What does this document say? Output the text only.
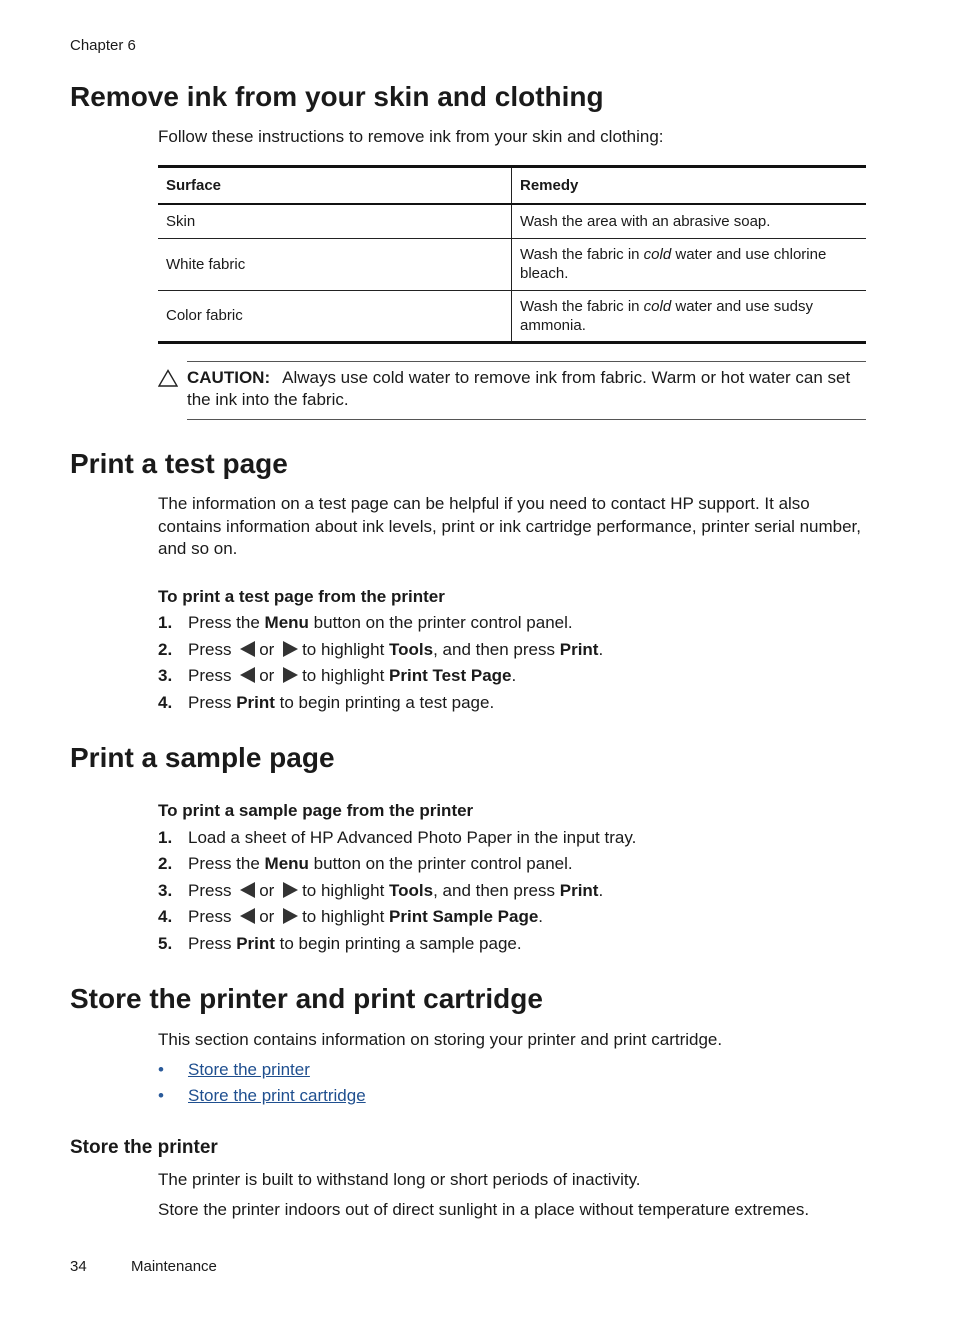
Chapter 6
Remove ink from your skin and clothing

Follow these instructions to remove ink from your skin and clothing:

Surface	Remedy
Skin	Wash the area with an abrasive soap.
White fabric	Wash the fabric in cold water and use chlorine bleach.
Color fabric	Wash the fabric in cold water and use sudsy ammonia.
CAUTION: Always use cold water to remove ink from fabric. Warm or hot water can set the ink into the fabric.
Print a test page

The information on a test page can be helpful if you need to contact HP support. It also contains information about ink levels, print or ink cartridge performance, printer serial number, and so on.

To print a test page from the printer
1. Press the Menu button on the printer control panel.
2. Press or to highlight Tools, and then press Print.
3. Press or to highlight Print Test Page.
4. Press Print to begin printing a test page.
Print a sample page
To print a sample page from the printer
1. Load a sheet of HP Advanced Photo Paper in the input tray.
2. Press the Menu button on the printer control panel.
3. Press or to highlight Tools, and then press Print.
4. Press or to highlight Print Sample Page.
5. Press Print to begin printing a sample page.
Store the printer and print cartridge

This section contains information on storing your printer and print cartridge.

• Store the printer
• Store the print cartridge
Store the printer

The printer is built to withstand long or short periods of inactivity.

Store the printer indoors out of direct sunlight in a place without temperature extremes.

34	Maintenance
